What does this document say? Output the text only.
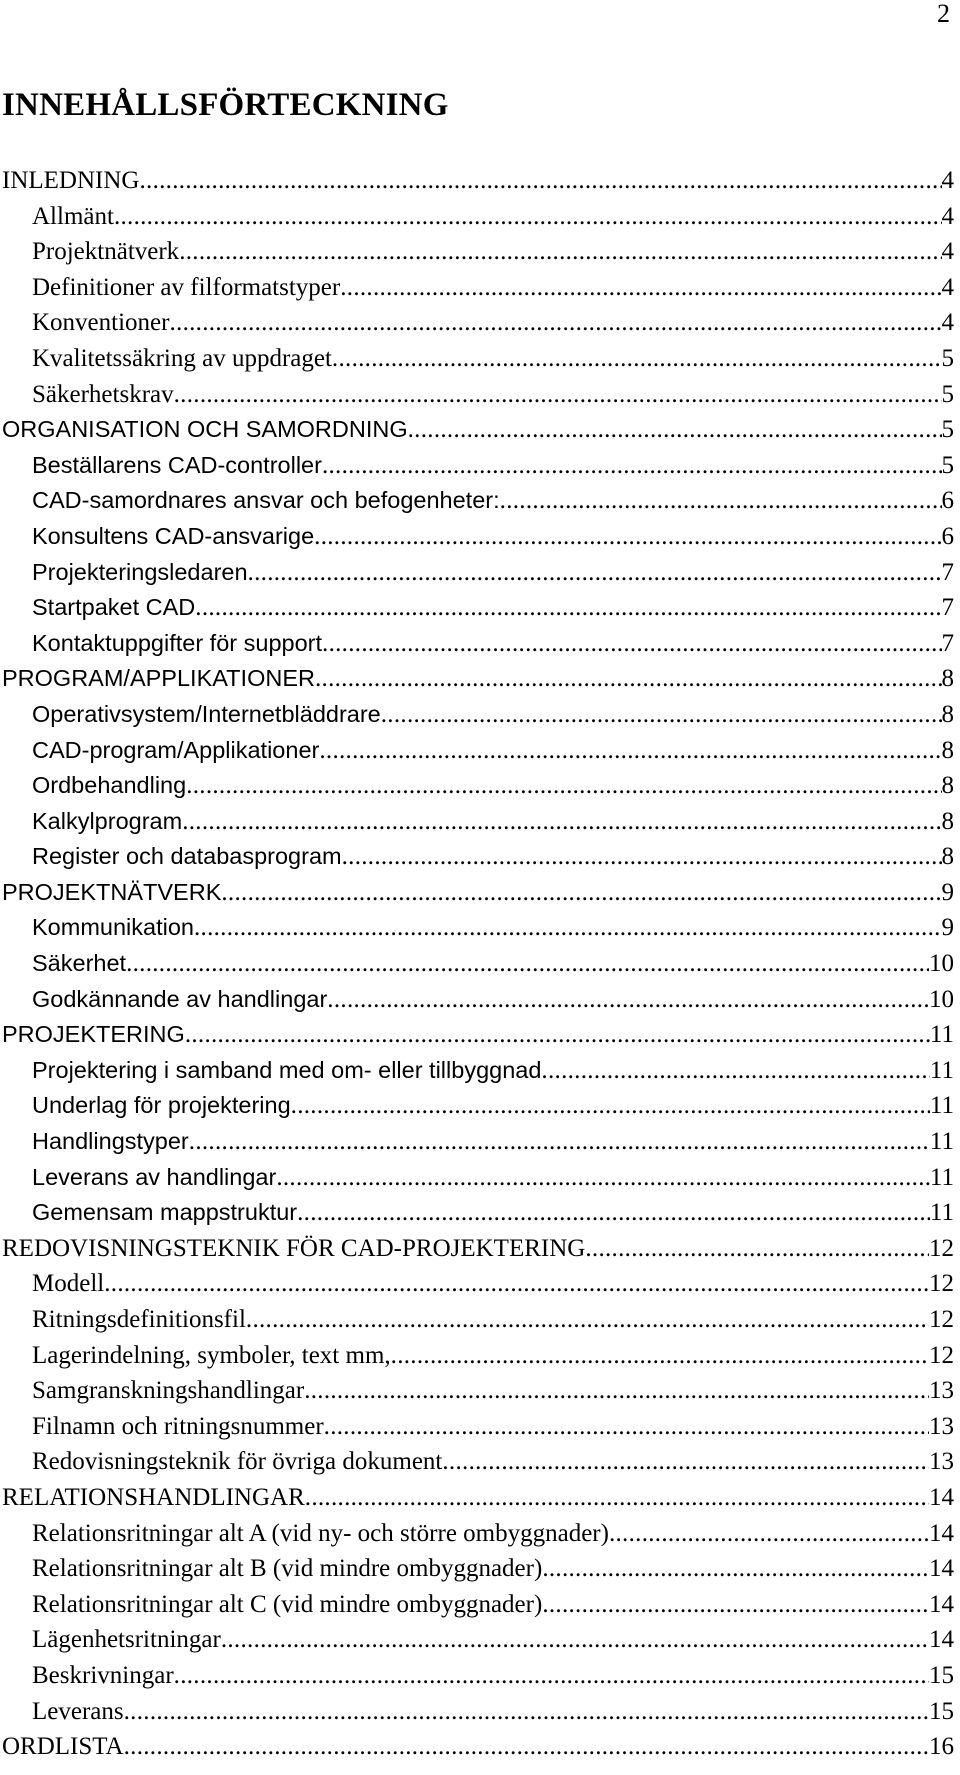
2
INNEHÅLLSFÖRTECKNING
INLEDNING .....	4
Allmänt .....	4
Projektnätverk .....	4
Definitioner av filformatstyper .....	4
Konventioner .....	4
Kvalitetssäkring av uppdraget .....	5
Säkerhetskrav .....	5
ORGANISATION OCH SAMORDNING .....	5
Beställarens CAD-controller .....	5
CAD-samordnares ansvar och befogenheter: .....	6
Konsultens CAD-ansvarige .....	6
Projekteringsledaren .....	7
Startpaket CAD .....	7
Kontaktuppgifter för support .....	7
PROGRAM/APPLIKATIONER .....	8
Operativsystem/Internetbläddrare .....	8
CAD-program/Applikationer .....	8
Ordbehandling .....	8
Kalkylprogram .....	8
Register och databasprogram .....	8
PROJEKTNÄTVERK .....	9
Kommunikation .....	9
Säkerhet .....	10
Godkännande av handlingar .....	10
PROJEKTERING .....	11
Projektering i samband med om- eller tillbyggnad .....	11
Underlag för projektering .....	11
Handlingstyper .....	11
Leverans av handlingar .....	11
Gemensam mappstruktur .....	11
REDOVISNINGSTEKNIK FÖR CAD-PROJEKTERING .....	12
Modell .....	12
Ritningsdefinitionsfil .....	12
Lagerindelning, symboler, text mm, .....	12
Samgranskningshandlingar .....	13
Filnamn och ritningsnummer .....	13
Redovisningsteknik för övriga dokument .....	13
RELATIONSHANDLINGAR .....	14
Relationsritningar alt A (vid ny- och större ombyggnader) .....	14
Relationsritningar alt B (vid mindre ombyggnader) .....	14
Relationsritningar alt C (vid mindre ombyggnader) .....	14
Lägenhetsritningar .....	14
Beskrivningar .....	15
Leverans .....	15
ORDLISTA .....	16
